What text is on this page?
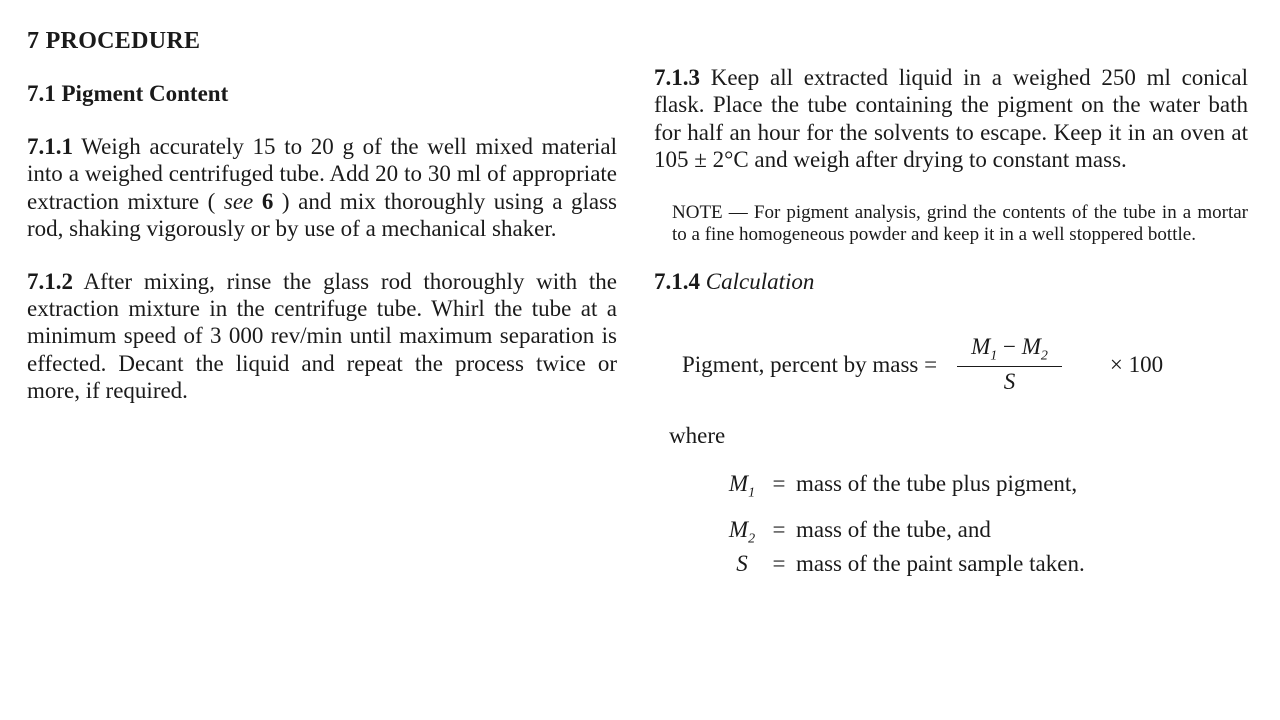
7 PROCEDURE
7.1 Pigment Content

7.1.1 Weigh accurately 15 to 20 g of the well mixed material into a weighed centrifuged tube. Add 20 to 30 ml of appropriate extraction mixture ( see 6 ) and mix thoroughly using a glass rod, shaking vigorously or by use of a mechanical shaker.

7.1.2 After mixing, rinse the glass rod thoroughly with the extraction mixture in the centrifuge tube. Whirl the tube at a minimum speed of 3 000 rev/min until maximum separation is effected. Decant the liquid and repeat the process twice or more, if required.

7.1.3 Keep all extracted liquid in a weighed 250 ml conical flask. Place the tube containing the pigment on the water bath for half an hour for the solvents to escape. Keep it in an oven at 105 ± 2°C and weigh after drying to constant mass.

NOTE — For pigment analysis, grind the contents of the tube in a mortar to a fine homogeneous powder and keep it in a well stoppered bottle.

7.1.4 Calculation
Pigment, percent by mass = $\frac{M_1 - M_2}{S} \times 100$
where
$M_1$ = mass of the tube plus pigment,
$M_2$ = mass of the tube, and
S	= mass of the paint sample taken.
